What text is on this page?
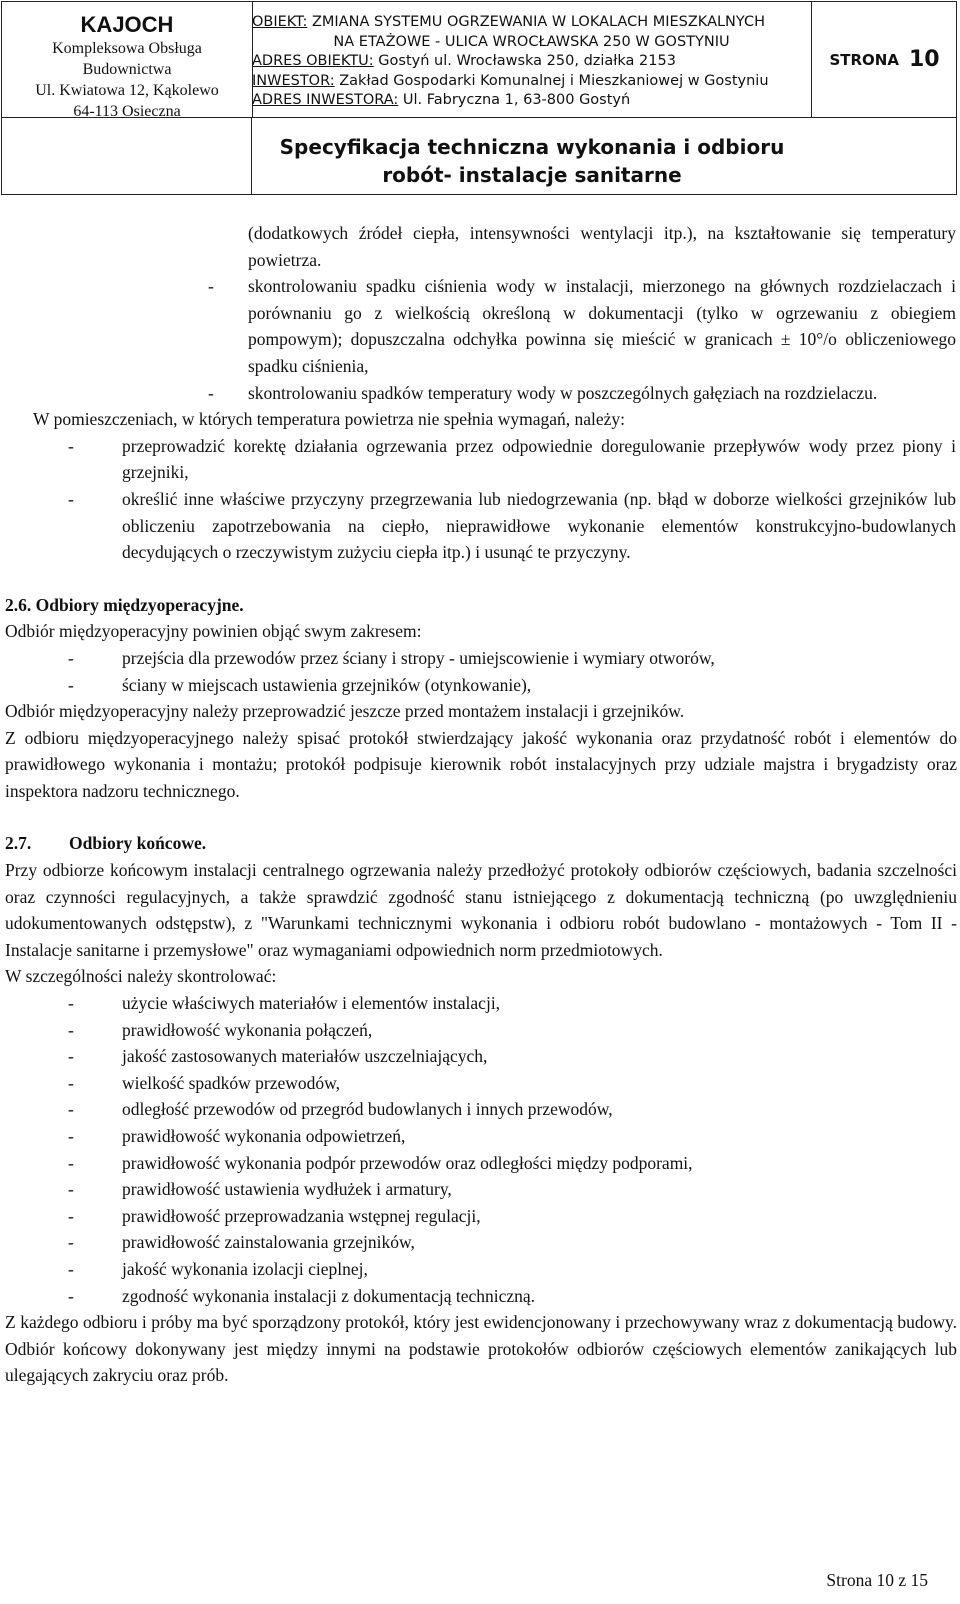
KAJOCH
Kompleksowa Obsługa
Budownictwa
Ul. Kwiatowa 12, Kąkolewo
64-113 Osieczna
OBIEKT: ZMIANA SYSTEMU OGRZEWANIA W LOKALACH MIESZKALNYCH
NA ETAŻOWE - ULICA WROCŁAWSKA 250 W GOSTYNIU
ADRES OBIEKTU: Gostyń ul. Wrocławska 250, działka 2153
INWESTOR: Zakład Gospodarki Komunalnej i Mieszkaniowej w Gostyniu
ADRES INWESTORA: Ul. Fabryczna 1, 63-800 Gostyń
STRONA 10
Specyfikacja techniczna wykonania i odbioru
robót- instalacje sanitarne

(dodatkowych źródeł ciepła, intensywności wentylacji itp.), na kształtowanie się temperatury powietrza.

- skontrolowaniu spadku ciśnienia wody w instalacji, mierzonego na głównych rozdzielaczach i porównaniu go z wielkością określoną w dokumentacji (tylko w ogrzewaniu z obiegiem pompowym); dopuszczalna odchyłka powinna się mieścić w granicach ± 10°/o obliczeniowego spadku ciśnienia,
- skontrolowaniu spadków temperatury wody w poszczególnych gałęziach na rozdzielaczu.

W pomieszczeniach, w których temperatura powietrza nie spełnia wymagań, należy:

-	przeprowadzić korektę działania ogrzewania przez odpowiednie doregulowanie przepływów wody przez piony i grzejniki,
-	określić inne właściwe przyczyny przegrzewania lub niedogrzewania (np. błąd w doborze wielkości grzejników lub obliczeniu zapotrzebowania na ciepło, nieprawidłowe wykonanie elementów konstrukcyjno-budowlanych decydujących o rzeczywistym zużyciu ciepła itp.) i usunąć te przyczyny.

2.6. Odbiory międzyoperacyjne.

Odbiór międzyoperacyjny powinien objąć swym zakresem:

-	przejścia dla przewodów przez ściany i stropy - umiejscowienie i wymiary otworów,
-	ściany w miejscach ustawienia grzejników (otynkowanie),

Odbiór międzyoperacyjny należy przeprowadzić jeszcze przed montażem instalacji i grzejników.

Z odbioru międzyoperacyjnego należy spisać protokół stwierdzający jakość wykonania oraz przydatność robót i elementów do prawidłowego wykonania i montażu; protokół podpisuje kierownik robót instalacyjnych przy udziale majstra i brygadzisty oraz inspektora nadzoru technicznego.

2.7. Odbiory końcowe.

Przy odbiorze końcowym instalacji centralnego ogrzewania należy przedłożyć protokoły odbiorów częściowych, badania szczelności oraz czynności regulacyjnych, a także sprawdzić zgodność stanu istniejącego z dokumentacją techniczną (po uwzględnieniu udokumentowanych odstępstw), z "Warunkami technicznymi wykonania i odbioru robót budowlano - montażowych - Tom II - Instalacje sanitarne i przemysłowe" oraz wymaganiami odpowiednich norm przedmiotowych.

W szczególności należy skontrolować:

-	użycie właściwych materiałów i elementów instalacji,
-	prawidłowość wykonania połączeń,
-	jakość zastosowanych materiałów uszczelniających,
-	wielkość spadków przewodów,
-	odległość przewodów od przegród budowlanych i innych przewodów,
-	prawidłowość wykonania odpowietrzeń,
-	prawidłowość wykonania podpór przewodów oraz odległości między podporami,
-	prawidłowość ustawienia wydłużek i armatury,
-	prawidłowość przeprowadzania wstępnej regulacji,
-	prawidłowość zainstalowania grzejników,
-	jakość wykonania izolacji cieplnej,
-	zgodność wykonania instalacji z dokumentacją techniczną.

Z każdego odbioru i próby ma być sporządzony protokół, który jest ewidencjonowany i przechowywany wraz z dokumentacją budowy. Odbiór końcowy dokonywany jest między innymi na podstawie protokołów odbiorów częściowych elementów zanikających lub ulegających zakryciu oraz prób.

Strona 10 z 15
